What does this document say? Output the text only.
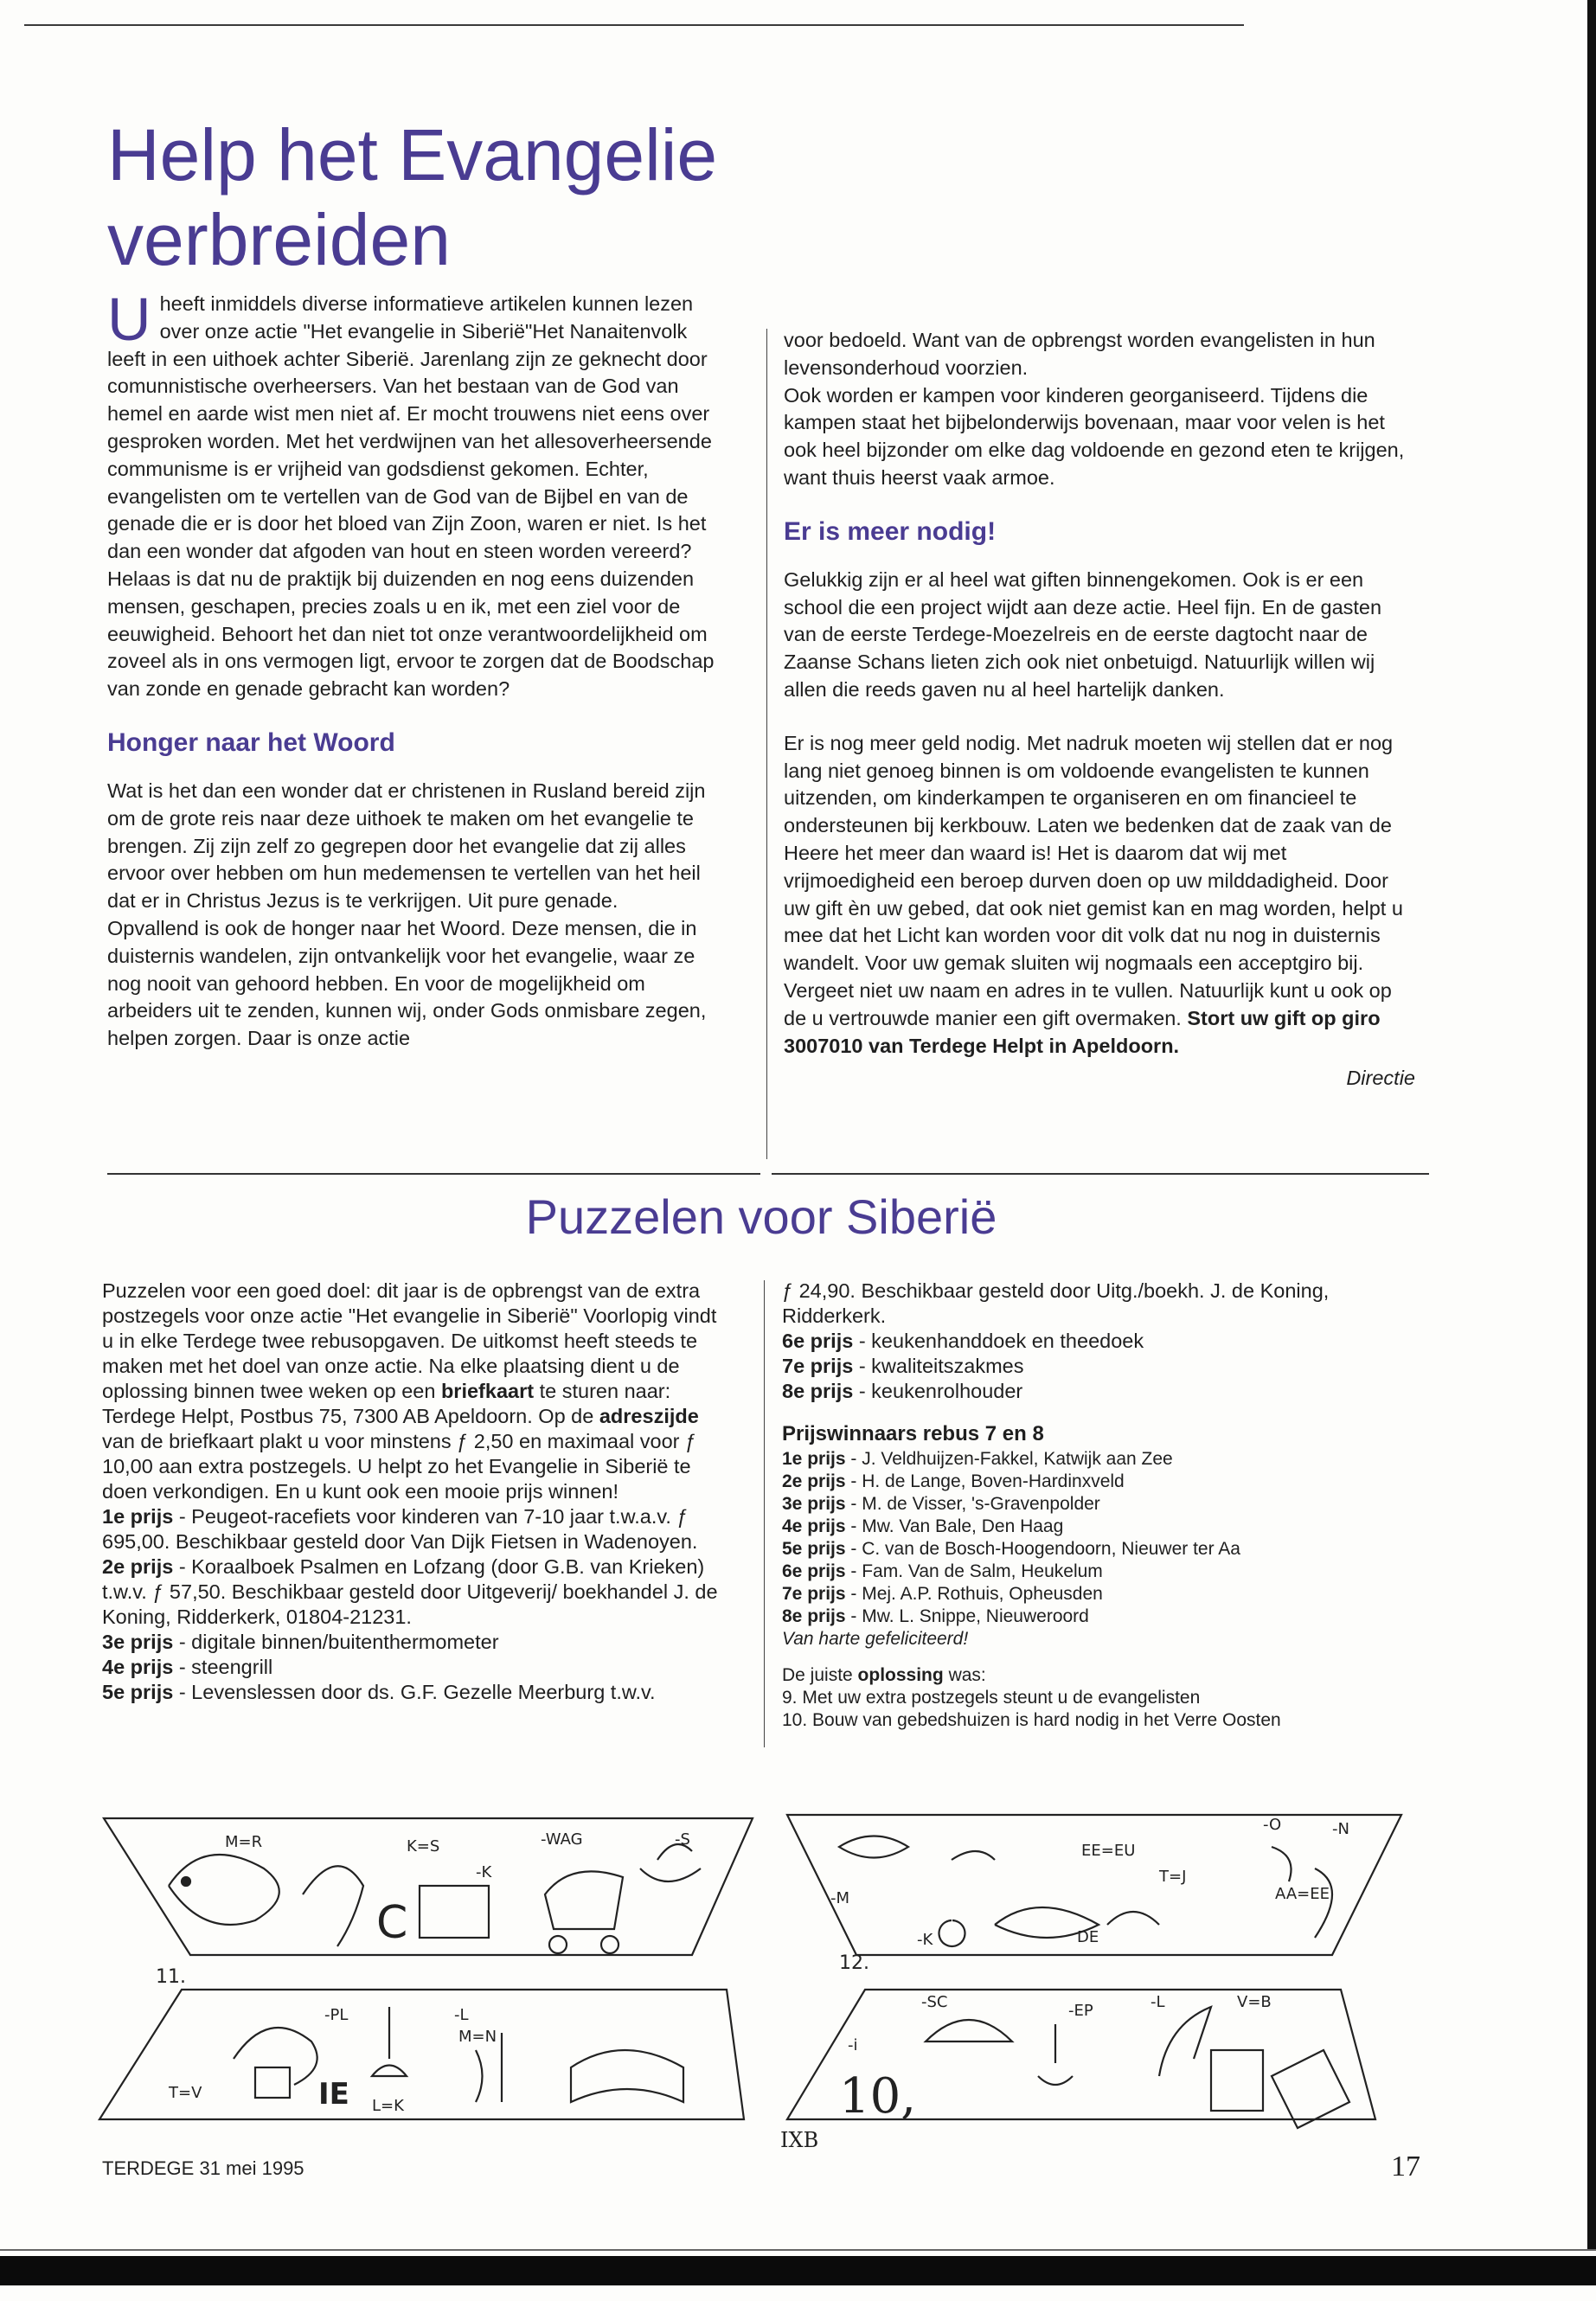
Help het Evangelie verbreiden

Uheeft inmiddels diverse informatieve artikelen kunnen lezen over onze actie "Het evangelie in Siberië"Het Nanaitenvolk leeft in een uithoek achter Siberië. Jarenlang zijn ze geknecht door comunnistische overheersers. Van het bestaan van de God van hemel en aarde wist men niet af. Er mocht trouwens niet eens over gesproken worden. Met het verdwijnen van het allesoverheersende communisme is er vrijheid van godsdienst gekomen. Echter, evangelisten om te vertellen van de God van de Bijbel en van de genade die er is door het bloed van Zijn Zoon, waren er niet. Is het dan een wonder dat afgoden van hout en steen worden vereerd? Helaas is dat nu de praktijk bij duizenden en nog eens duizenden mensen, geschapen, precies zoals u en ik, met een ziel voor de eeuwigheid. Behoort het dan niet tot onze verantwoordelijkheid om zoveel als in ons vermogen ligt, ervoor te zorgen dat de Boodschap van zonde en genade gebracht kan worden?

Honger naar het Woord

Wat is het dan een wonder dat er christenen in Rusland bereid zijn om de grote reis naar deze uithoek te maken om het evangelie te brengen. Zij zijn zelf zo gegrepen door het evangelie dat zij alles ervoor over hebben om hun medemensen te vertellen van het heil dat er in Christus Jezus is te verkrijgen. Uit pure genade.

Opvallend is ook de honger naar het Woord. Deze mensen, die in duisternis wandelen, zijn ontvankelijk voor het evangelie, waar ze nog nooit van gehoord hebben. En voor de mogelijkheid om arbeiders uit te zenden, kunnen wij, onder Gods onmisbare zegen, helpen zorgen. Daar is onze actie

voor bedoeld. Want van de opbrengst worden evangelisten in hun levensonderhoud voorzien.

Ook worden er kampen voor kinderen georganiseerd. Tijdens die kampen staat het bijbelonderwijs bovenaan, maar voor velen is het ook heel bijzonder om elke dag voldoende en gezond eten te krijgen, want thuis heerst vaak armoe.

Er is meer nodig!

Gelukkig zijn er al heel wat giften binnengekomen. Ook is er een school die een project wijdt aan deze actie. Heel fijn. En de gasten van de eerste Terdege-Moezelreis en de eerste dagtocht naar de Zaanse Schans lieten zich ook niet onbetuigd. Natuurlijk willen wij allen die reeds gaven nu al heel hartelijk danken.

Er is nog meer geld nodig. Met nadruk moeten wij stellen dat er nog lang niet genoeg binnen is om voldoende evangelisten te kunnen uitzenden, om kinderkampen te organiseren en om financieel te ondersteunen bij kerkbouw. Laten we bedenken dat de zaak van de Heere het meer dan waard is! Het is daarom dat wij met vrijmoedigheid een beroep durven doen op uw milddadigheid. Door uw gift èn uw gebed, dat ook niet gemist kan en mag worden, helpt u mee dat het Licht kan worden voor dit volk dat nu nog in duisternis wandelt. Voor uw gemak sluiten wij nogmaals een acceptgiro bij. Vergeet niet uw naam en adres in te vullen. Natuurlijk kunt u ook op de u vertrouwde manier een gift overmaken. Stort uw gift op giro 3007010 van Terdege Helpt in Apeldoorn.

Directie
Puzzelen voor Siberië

Puzzelen voor een goed doel: dit jaar is de opbrengst van de extra postzegels voor onze actie "Het evangelie in Siberië" Voorlopig vindt u in elke Terdege twee rebusopgaven. De uitkomst heeft steeds te maken met het doel van onze actie. Na elke plaatsing dient u de oplossing binnen twee weken op een briefkaart te sturen naar: Terdege Helpt, Postbus 75, 7300 AB Apeldoorn. Op de adreszijde van de briefkaart plakt u voor minstens ƒ 2,50 en maximaal voor ƒ 10,00 aan extra postzegels. U helpt zo het Evangelie in Siberië te doen verkondigen. En u kunt ook een mooie prijs winnen!

1e prijs - Peugeot-racefiets voor kinderen van 7-10 jaar t.w.a.v. ƒ 695,00. Beschikbaar gesteld door Van Dijk Fietsen in Wadenoyen.

2e prijs - Koraalboek Psalmen en Lofzang (door G.B. van Krieken) t.w.v. ƒ 57,50. Beschikbaar gesteld door Uitgeverij/ boekhandel J. de Koning, Ridderkerk, 01804-21231.

3e prijs - digitale binnen/buitenthermometer

4e prijs - steengrill

5e prijs - Levenslessen door ds. G.F. Gezelle Meerburg t.w.v.

ƒ 24,90. Beschikbaar gesteld door Uitg./boekh. J. de Koning, Ridderkerk.

6e prijs - keukenhanddoek en theedoek

7e prijs - kwaliteitszakmes

8e prijs - keukenrolhouder

Prijswinnaars rebus 7 en 8

1e prijs - J. Veldhuijzen-Fakkel, Katwijk aan Zee

2e prijs - H. de Lange, Boven-Hardinxveld

3e prijs - M. de Visser, 's-Gravenpolder

4e prijs - Mw. Van Bale, Den Haag

5e prijs - C. van de Bosch-Hoogendoorn, Nieuwer ter Aa

6e prijs - Fam. Van de Salm, Heukelum

7e prijs - Mej. A.P. Rothuis, Opheusden

8e prijs - Mw. L. Snippe, Nieuweroord

Van harte gefeliciteerd!

De juiste oplossing was:

9. Met uw extra postzegels steunt u de evangelisten

10. Bouw van gebedshuizen is hard nodig in het Verre Oosten

M=R	K=S	-WAG	-S
-K
C
-PL	-L
M=N
T=V	IE L=K
11.
-O	-N
EE=EU
T=J
-M
-K
AA=EE
DE
-SC	-EP	-L	V=B
-i
10,
12.
TERDEGE 31 mei 1995
IXB
17
